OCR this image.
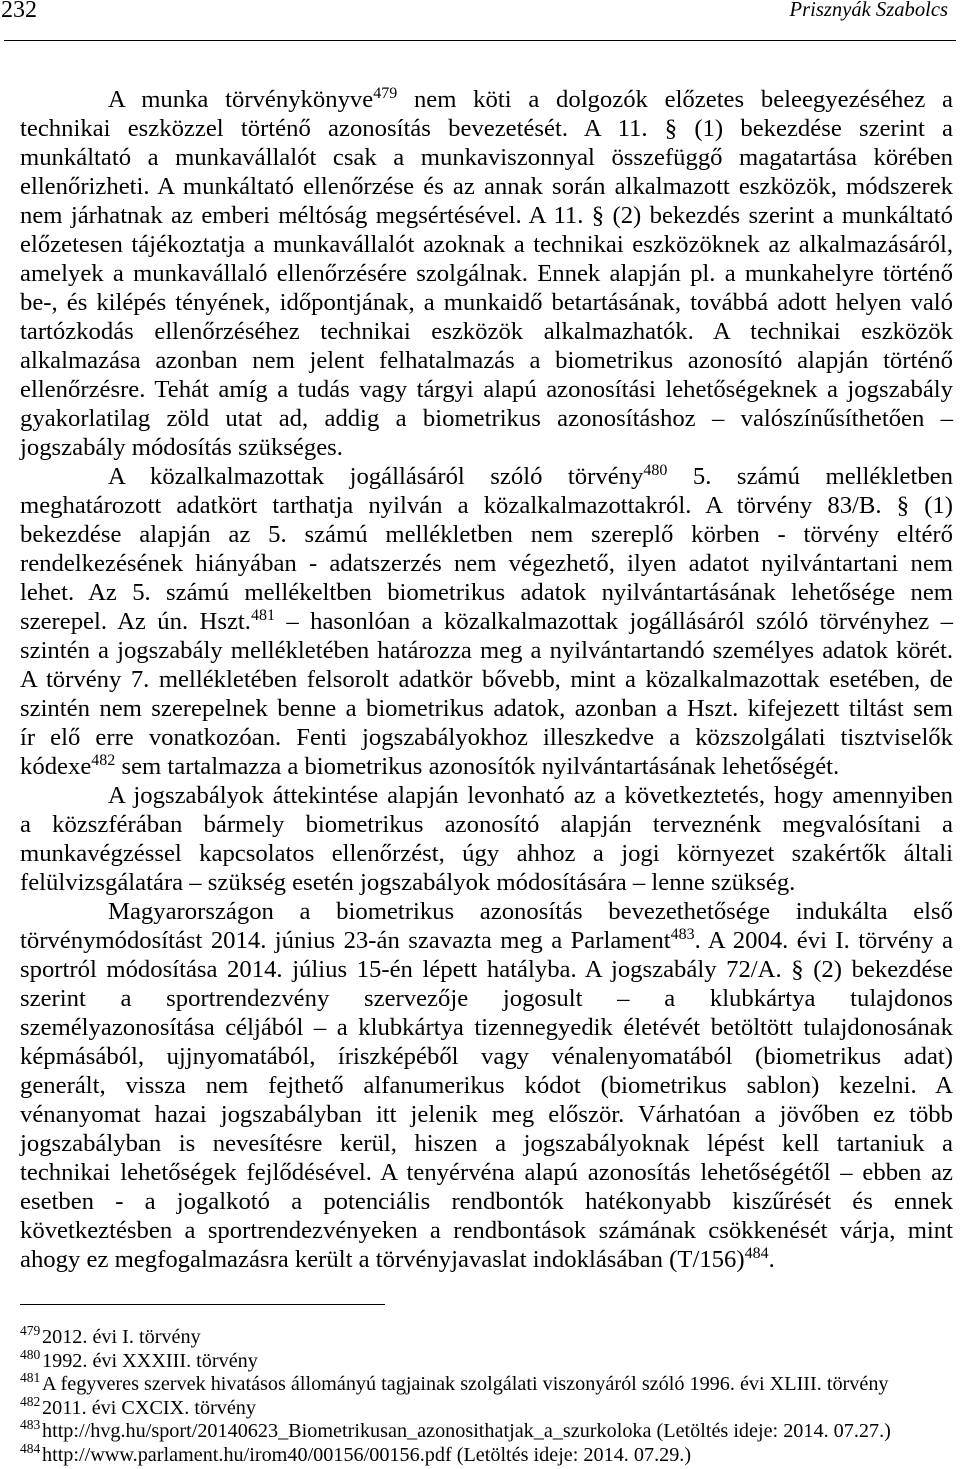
232	Prisznyák Szabolcs
A munka törvénykönyve$^{479}$ nem köti a dolgozók előzetes beleegyezéséhez a
technikai eszközzel történő azonosítás bevezetését. A 11. § (1) bekezdése szerint a
munkáltató a munkavállalót csak a munkaviszonnyal összefüggő magatartása körében
ellenőrizheti. A munkáltató ellenőrzése és az annak során alkalmazott eszközök, módszerek
nem járhatnak az emberi méltóság megsértésével. A 11. § (2) bekezdés szerint a munkáltató
előzetesen tájékoztatja a munkavállalót azoknak a technikai eszközöknek az alkalmazásáról,
amelyek a munkavállaló ellenőrzésére szolgálnak. Ennek alapján pl. a munkahelyre történő
be-, és kilépés tényének, időpontjának, a munkaidő betartásának, továbbá adott helyen való
tartózkodás ellenőrzéséhez technikai eszközök alkalmazhatók. A technikai eszközök
alkalmazása azonban nem jelent felhatalmazás a biometrikus azonosító alapján történő
ellenőrzésre. Tehát amíg a tudás vagy tárgyi alapú azonosítási lehetőségeknek a jogszabály
gyakorlatilag zöld utat ad, addig a biometrikus azonosításhoz – valószínűsíthetően –
jogszabály módosítás szükséges.
A közalkalmazottak jogállásáról szóló törvény$^{480}$ 5. számú mellékletben
meghatározott adatkört tarthatja nyilván a közalkalmazottakról. A törvény 83/B. § (1)
bekezdése alapján az 5. számú mellékletben nem szereplő körben - törvény eltérő
rendelkezésének hiányában - adatszerzés nem végezhető, ilyen adatot nyilvántartani nem
lehet. Az 5. számú mellékeltben biometrikus adatok nyilvántartásának lehetősége nem
szerepel. Az ún. Hszt.$^{481}$ – hasonlóan a közalkalmazottak jogállásáról szóló törvényhez –
szintén a jogszabály mellékletében határozza meg a nyilvántartandó személyes adatok körét.
A törvény 7. mellékletében felsorolt adatkör bővebb, mint a közalkalmazottak esetében, de
szintén nem szerepelnek benne a biometrikus adatok, azonban a Hszt. kifejezett tiltást sem
ír elő erre vonatkozóan. Fenti jogszabályokhoz illeszkedve a közszolgálati tisztviselők
kódexe$^{482}$ sem tartalmazza a biometrikus azonosítók nyilvántartásának lehetőségét.
A jogszabályok áttekintése alapján levonható az a következtetés, hogy amennyiben
a közszférában bármely biometrikus azonosító alapján terveznénk megvalósítani a
munkavégzéssel kapcsolatos ellenőrzést, úgy ahhoz a jogi környezet szakértők általi
felülvizsgálatára – szükség esetén jogszabályok módosítására – lenne szükség.
Magyarországon a biometrikus azonosítás bevezethetősége indukálta első
törvénymódosítást 2014. június 23-án szavazta meg a Parlament$^{483}$. A 2004. évi I. törvény a
sportról módosítása 2014. július 15-én lépett hatályba. A jogszabály 72/A. § (2) bekezdése
szerint a sportrendezvény szervezője jogosult – a klubkártya tulajdonos
személyazonosítása céljából – a klubkártya tizennegyedik életévét betöltött tulajdonosának
képmásából, ujjnyomatából, íriszképéből vagy vénalenyomatából (biometrikus adat)
generált, vissza nem fejthető alfanumerikus kódot (biometrikus sablon) kezelni. A
vénanyomat hazai jogszabályban itt jelenik meg először. Várhatóan a jövőben ez több
jogszabályban is nevesítésre kerül, hiszen a jogszabályoknak lépést kell tartaniuk a
technikai lehetőségek fejlődésével. A tenyérvéna alapú azonosítás lehetőségétől – ebben az
esetben - a jogalkotó a potenciális rendbontók hatékonyabb kiszűrését és ennek
következtésben a sportrendezvényeken a rendbontások számának csökkenését várja, mint
ahogy ez megfogalmazásra került a törvényjavaslat indoklásában (T/156)$^{484}$.
4792012. évi I. törvény
4801992. évi XXXIII. törvény
481A fegyveres szervek hivatásos állományú tagjainak szolgálati viszonyáról szóló 1996. évi XLIII. törvény
4822011. évi CXCIX. törvény
483http://hvg.hu/sport/20140623_Biometrikusan_azonosithatjak_a_szurkoloka (Letöltés ideje: 2014. 07.27.)
484http://www.parlament.hu/irom40/00156/00156.pdf (Letöltés ideje: 2014. 07.29.)
